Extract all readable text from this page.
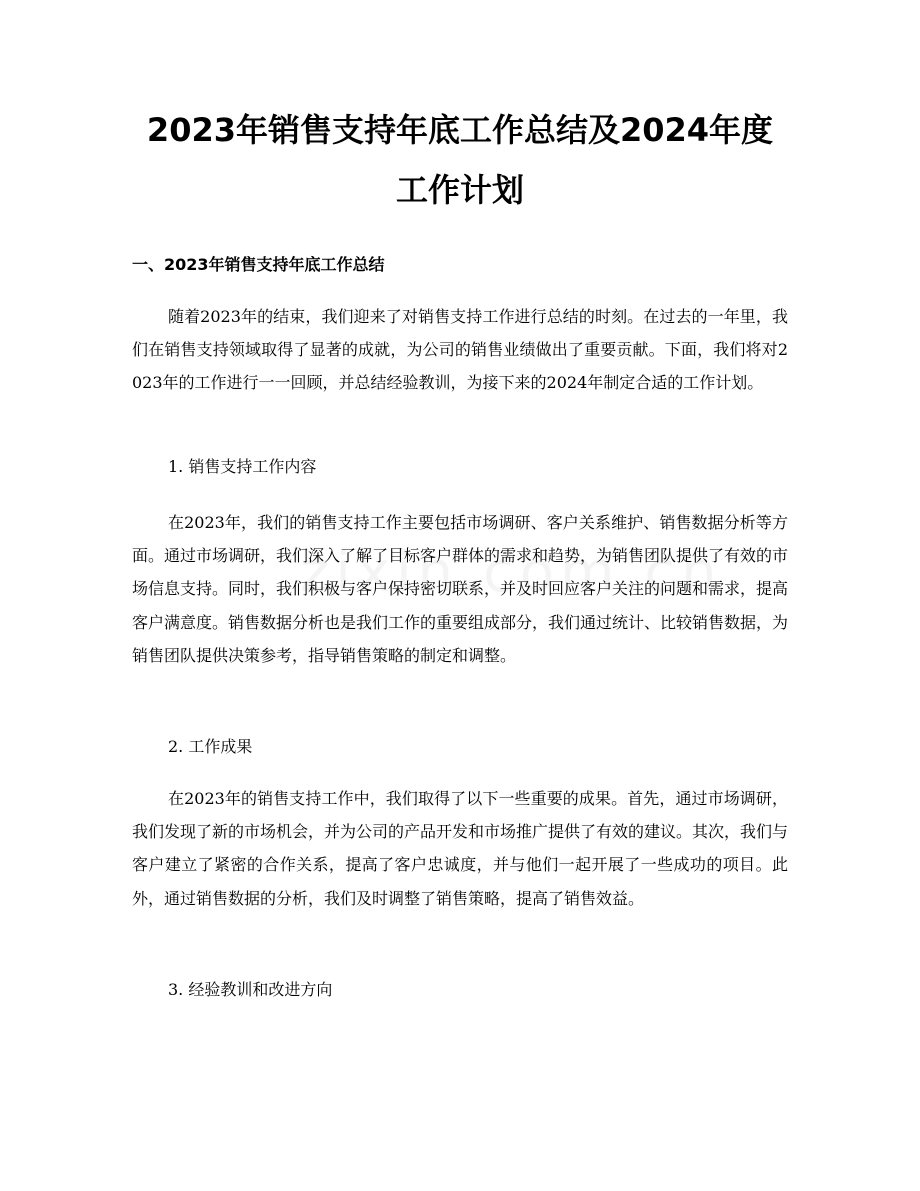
2023年销售支持年底工作总结及2024年度
工作计划
一、2023年销售支持年底工作总结

随着2023年的结束，我们迎来了对销售支持工作进行总结的时刻。在过去的一年里，我们在销售支持领域取得了显著的成就，为公司的销售业绩做出了重要贡献。下面，我们将对2023年的工作进行一一回顾，并总结经验教训，为接下来的2024年制定合适的工作计划。

1. 销售支持工作内容

在2023年，我们的销售支持工作主要包括市场调研、客户关系维护、销售数据分析等方面。通过市场调研，我们深入了解了目标客户群体的需求和趋势，为销售团队提供了有效的市场信息支持。同时，我们积极与客户保持密切联系，并及时回应客户关注的问题和需求，提高客户满意度。销售数据分析也是我们工作的重要组成部分，我们通过统计、比较销售数据，为销售团队提供决策参考，指导销售策略的制定和调整。

2. 工作成果

在2023年的销售支持工作中，我们取得了以下一些重要的成果。首先，通过市场调研，我们发现了新的市场机会，并为公司的产品开发和市场推广提供了有效的建议。其次，我们与客户建立了紧密的合作关系，提高了客户忠诚度，并与他们一起开展了一些成功的项目。此外，通过销售数据的分析，我们及时调整了销售策略，提高了销售效益。

3. 经验教训和改进方向
